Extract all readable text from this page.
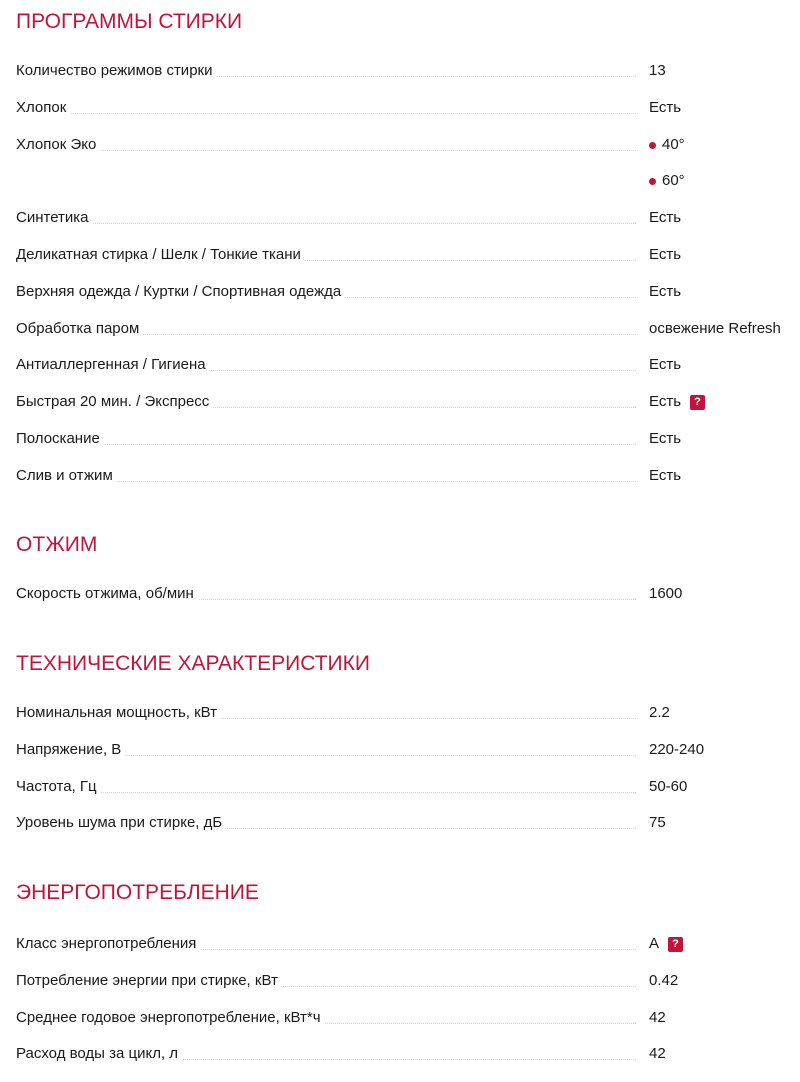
ПРОГРАММЫ СТИРКИ
Количество режимов стирки	13
Хлопок	Есть
Хлопок Эко	40°
60°
Синтетика	Есть
Деликатная стирка / Шелк / Тонкие ткани	Есть
Верхняя одежда / Куртки / Спортивная одежда	Есть
Обработка паром	освежение Refresh
Антиаллергенная / Гигиена	Есть
Быстрая 20 мин. / Экспресс	Есть	?
Полоскание	Есть
Слив и отжим	Есть
ОТЖИМ
Скорость отжима, об/мин	1600
ТЕХНИЧЕСКИЕ ХАРАКТЕРИСТИКИ
Номинальная мощность, кВт	2.2
Напряжение, В	220-240
Частота, Гц	50-60
Уровень шума при стирке, дБ	75
ЭНЕРГОПОТРЕБЛЕНИЕ
Класс энергопотребления	A	?
Потребление энергии при стирке, кВт	0.42
Среднее годовое энергопотребление, кВт*ч	42
Расход воды за цикл, л	42
